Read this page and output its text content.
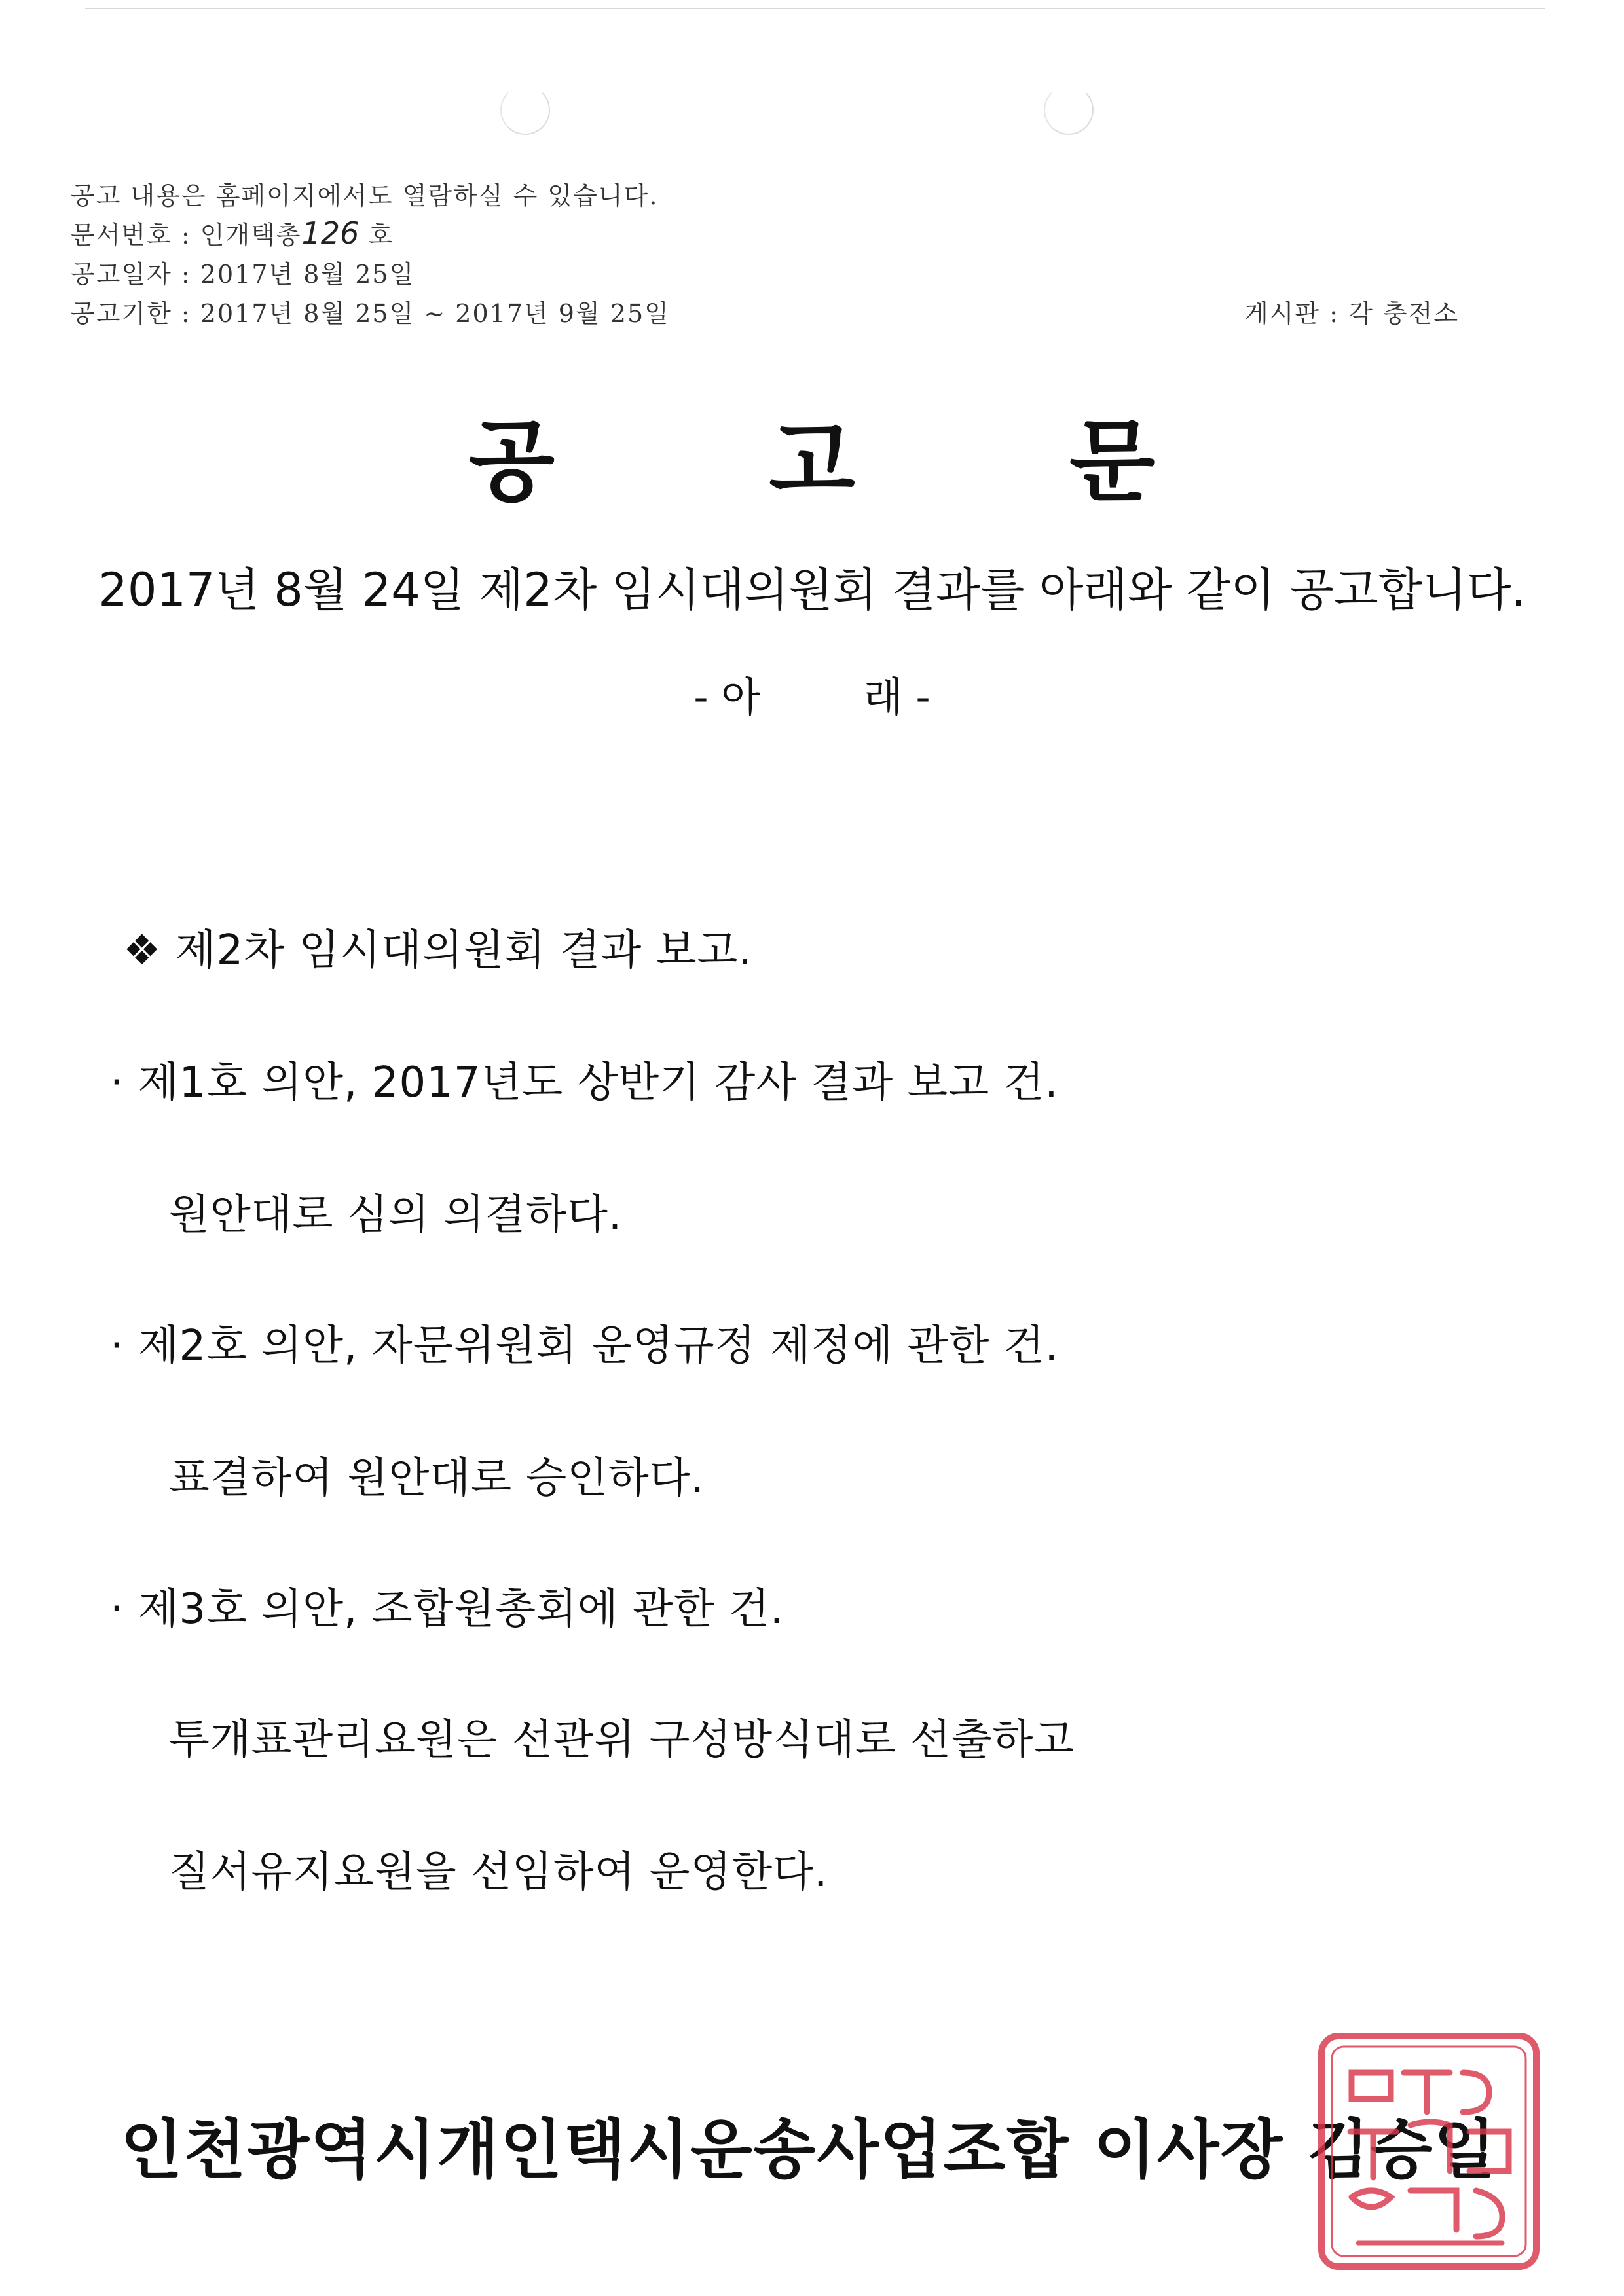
공고 내용은 홈페이지에서도 열람하실 수 있습니다.
문서번호 : 인개택총126 호
공고일자 : 2017년 8월 25일
공고기한 : 2017년 8월 25일 ~ 2017년 9월 25일	게시판 : 각 충전소
공 고 문
2017년 8월 24일 제2차 임시대의원회 결과를 아래와 같이 공고합니다.
- 아        래 -
❖ 제2차 임시대의원회 결과 보고.
· 제1호 의안, 2017년도 상반기 감사 결과 보고 건.
원안대로 심의 의결하다.
· 제2호 의안, 자문위원회 운영규정 제정에 관한 건.
표결하여 원안대로 승인하다.
· 제3호 의안, 조합원총회에 관한 건.
투개표관리요원은 선관위 구성방식대로 선출하고
질서유지요원을 선임하여 운영한다.
인천광역시개인택시운송사업조합 이사장 김승일
